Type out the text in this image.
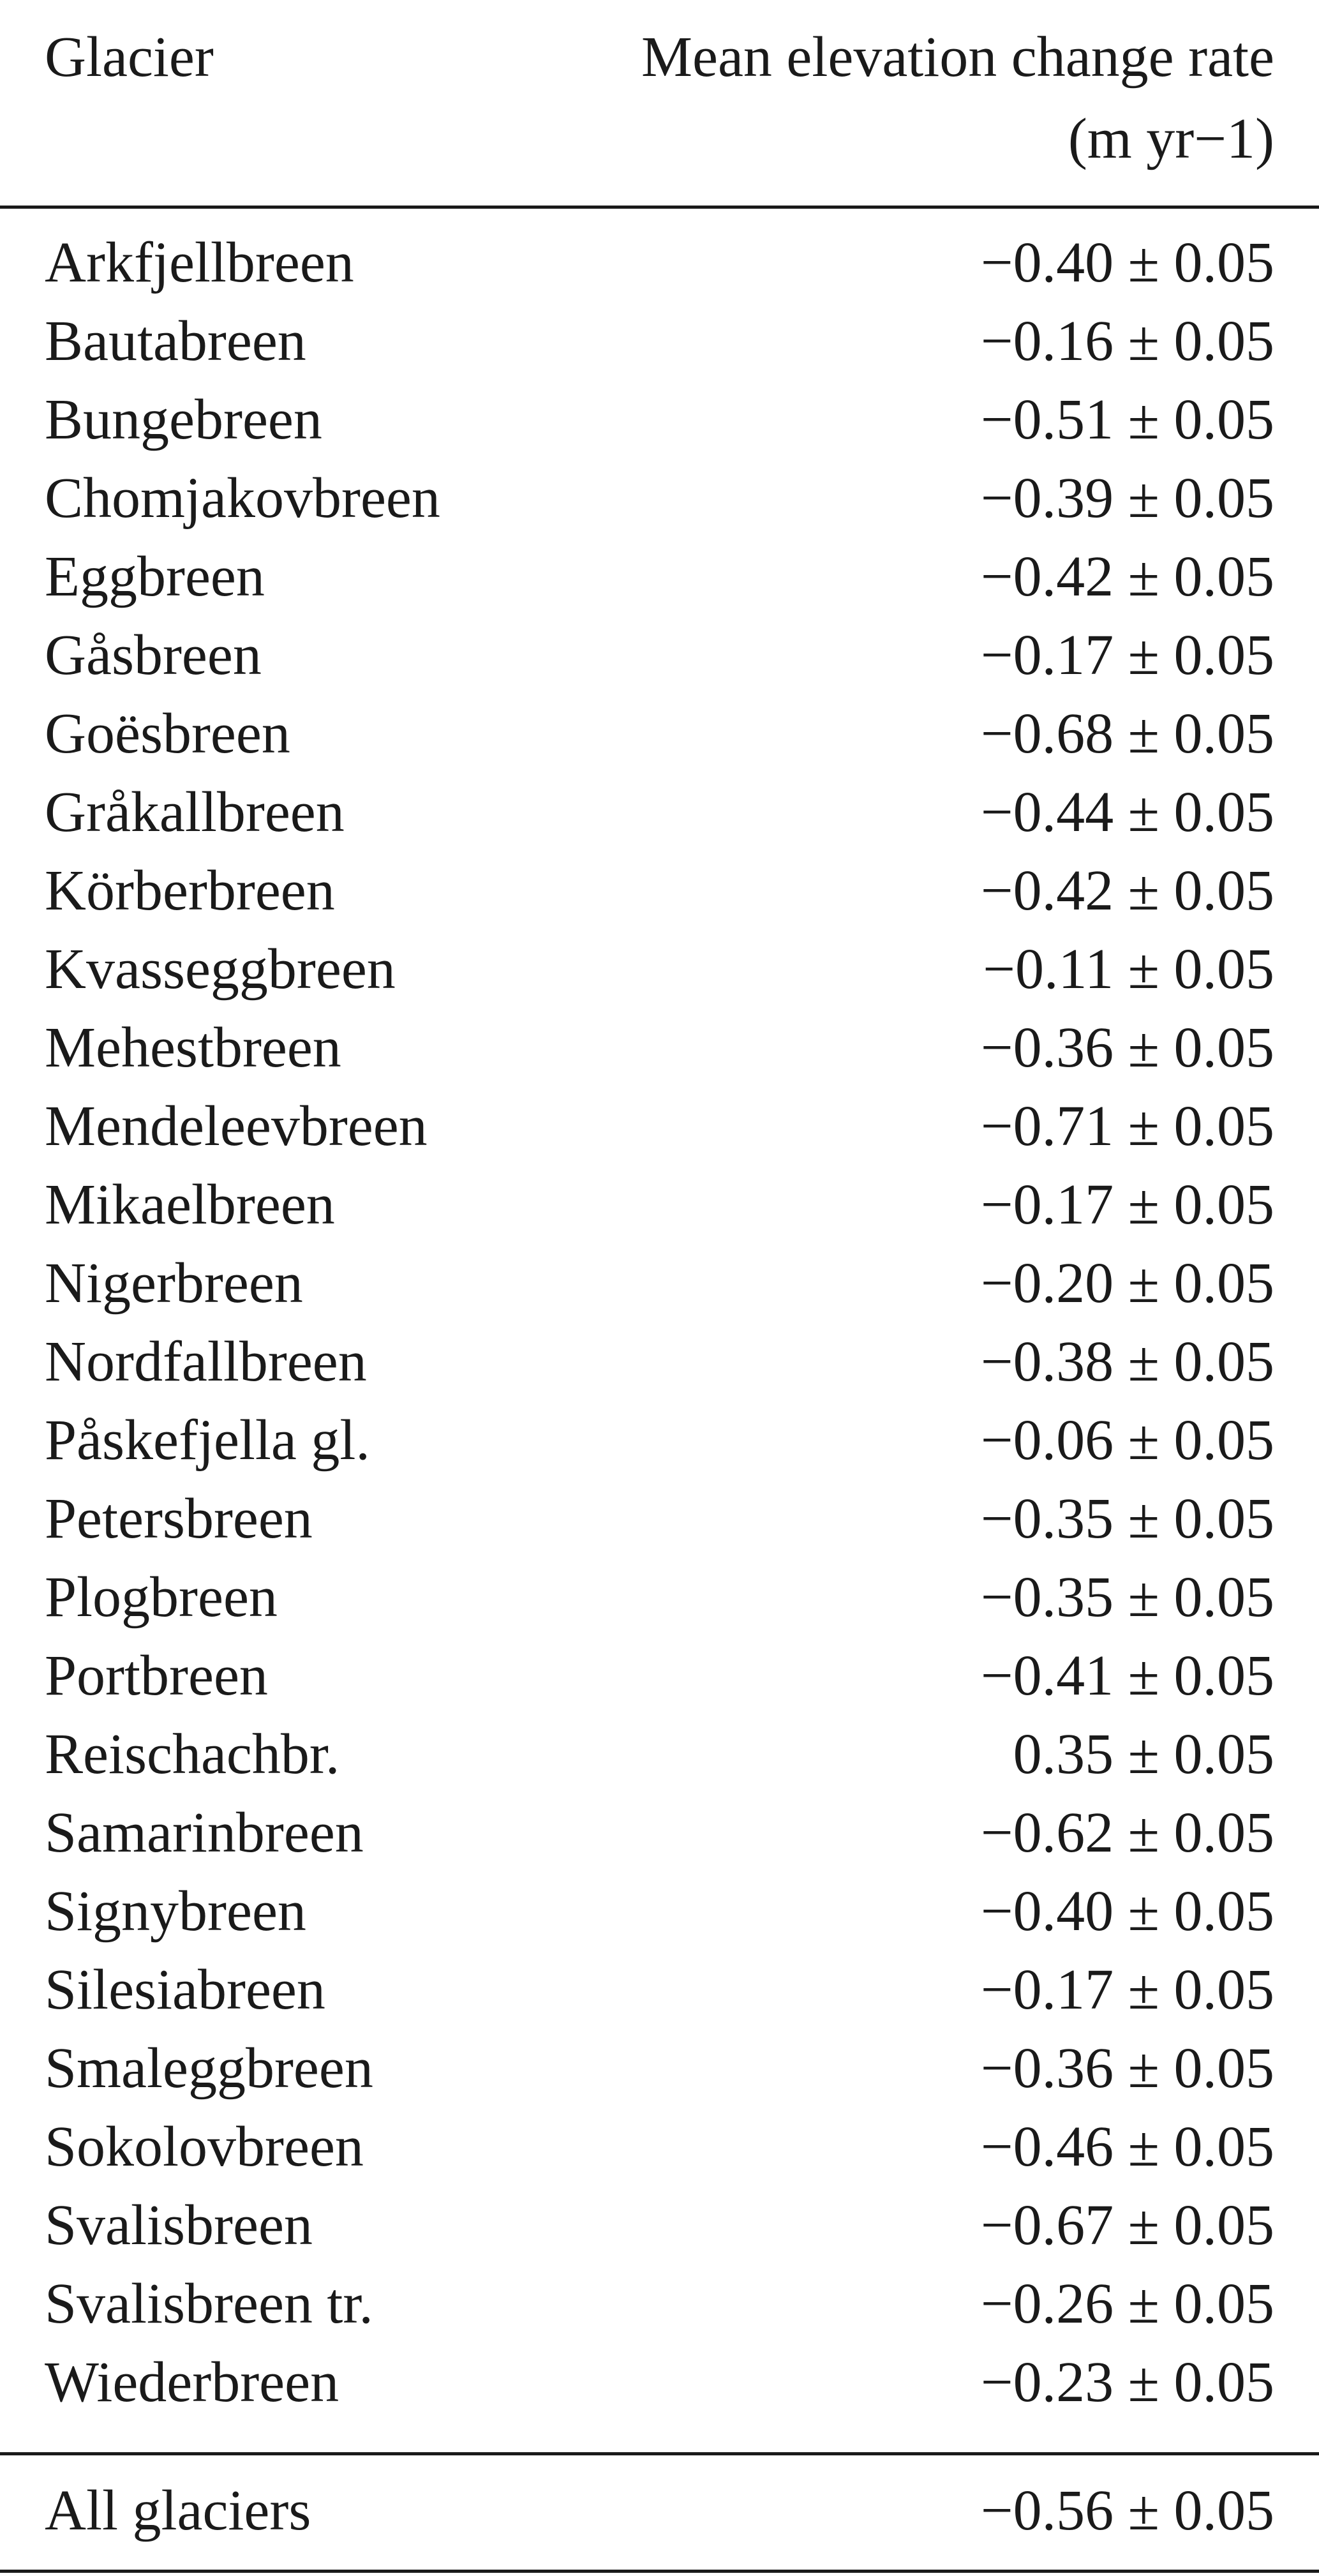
Glacier	Mean elevation change rate
(m yr−1)
Arkfjellbreen	−0.40 ± 0.05
Bautabreen	−0.16 ± 0.05
Bungebreen	−0.51 ± 0.05
Chomjakovbreen	−0.39 ± 0.05
Eggbreen	−0.42 ± 0.05
Gåsbreen	−0.17 ± 0.05
Goësbreen	−0.68 ± 0.05
Gråkallbreen	−0.44 ± 0.05
Körberbreen	−0.42 ± 0.05
Kvasseggbreen	−0.11 ± 0.05
Mehestbreen	−0.36 ± 0.05
Mendeleevbreen	−0.71 ± 0.05
Mikaelbreen	−0.17 ± 0.05
Nigerbreen	−0.20 ± 0.05
Nordfallbreen	−0.38 ± 0.05
Påskefjella gl.	−0.06 ± 0.05
Petersbreen	−0.35 ± 0.05
Plogbreen	−0.35 ± 0.05
Portbreen	−0.41 ± 0.05
Reischachbr.	0.35 ± 0.05
Samarinbreen	−0.62 ± 0.05
Signybreen	−0.40 ± 0.05
Silesiabreen	−0.17 ± 0.05
Smaleggbreen	−0.36 ± 0.05
Sokolovbreen	−0.46 ± 0.05
Svalisbreen	−0.67 ± 0.05
Svalisbreen tr.	−0.26 ± 0.05
Wiederbreen	−0.23 ± 0.05
All glaciers	−0.56 ± 0.05
